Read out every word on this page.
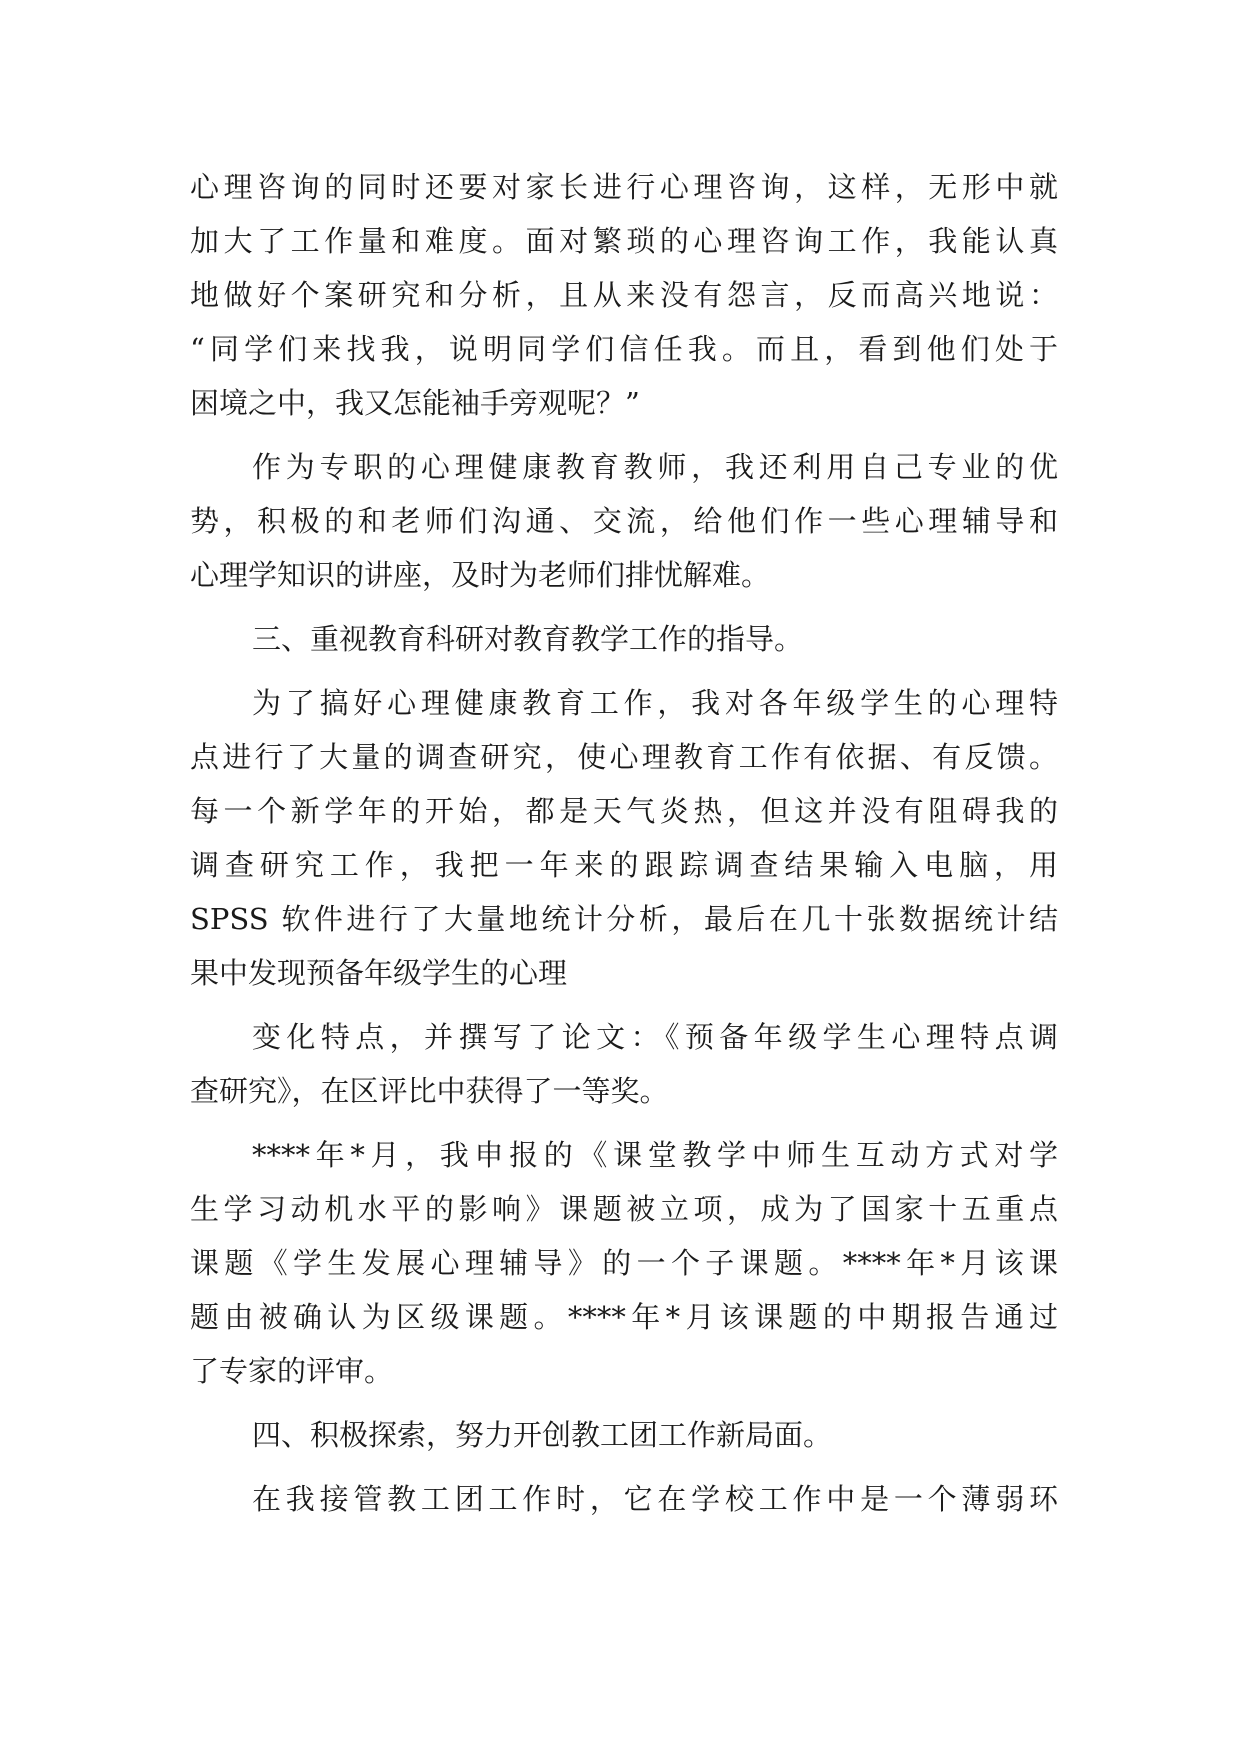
心理咨询的同时还要对家长进行心理咨询，这样，无形中就
加大了工作量和难度。面对繁琐的心理咨询工作，我能认真
地做好个案研究和分析，且从来没有怨言，反而高兴地说：
“同学们来找我，说明同学们信任我。而且，看到他们处于
困境之中，我又怎能袖手旁观呢？”
作为专职的心理健康教育教师，我还利用自己专业的优
势，积极的和老师们沟通、交流，给他们作一些心理辅导和
心理学知识的讲座，及时为老师们排忧解难。
三、重视教育科研对教育教学工作的指导。
为了搞好心理健康教育工作，我对各年级学生的心理特
点进行了大量的调查研究，使心理教育工作有依据、有反馈。
每一个新学年的开始，都是天气炎热，但这并没有阻碍我的
调查研究工作，我把一年来的跟踪调查结果输入电脑，用
SPSS 软件进行了大量地统计分析，最后在几十张数据统计结
果中发现预备年级学生的心理
变化特点，并撰写了论文：《预备年级学生心理特点调
查研究》，在区评比中获得了一等奖。
****年*月，我申报的《课堂教学中师生互动方式对学
生学习动机水平的影响》课题被立项，成为了国家十五重点
课题《学生发展心理辅导》的一个子课题。****年*月该课
题由被确认为区级课题。****年*月该课题的中期报告通过
了专家的评审。
四、积极探索，努力开创教工团工作新局面。
在我接管教工团工作时，它在学校工作中是一个薄弱环
